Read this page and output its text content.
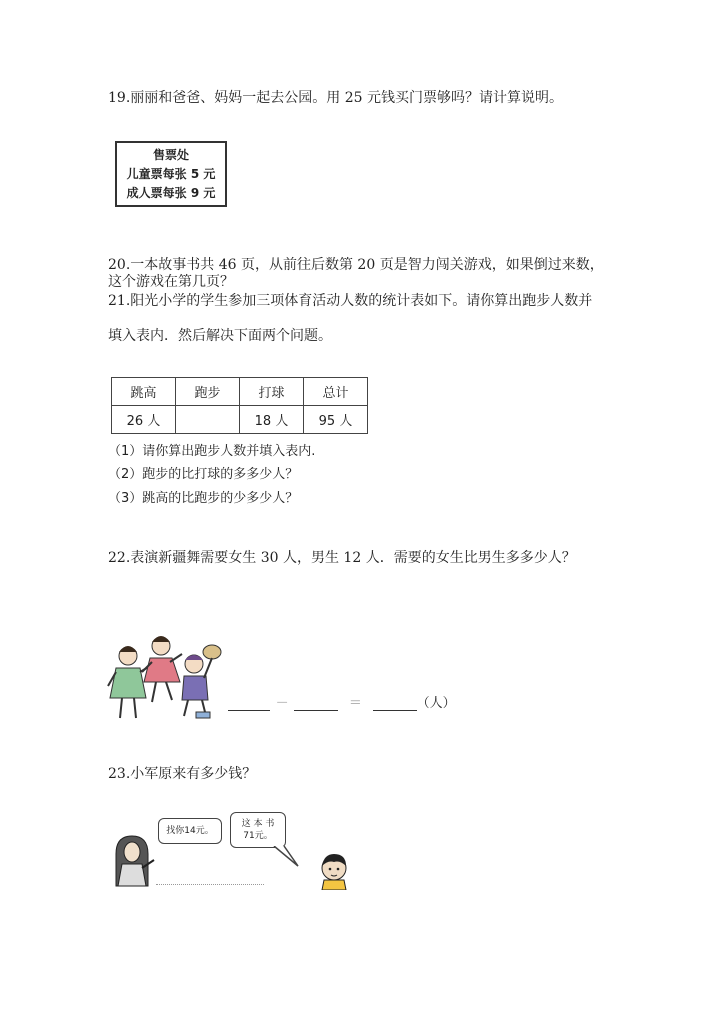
19.丽丽和爸爸、妈妈一起去公园。用 25 元钱买门票够吗？请计算说明。
售票处
儿童票每张 5 元
成人票每张 9 元
20.一本故事书共 46 页，从前往后数第 20 页是智力闯关游戏，如果倒过来数，
这个游戏在第几页？
21.阳光小学的学生参加三项体育活动人数的统计表如下。请你算出跑步人数并
填入表内．然后解决下面两个问题。
跳高	跑步	打球	总计
26 人		18 人	95 人
（1）请你算出跑步人数并填入表内.
（2）跑步的比打球的多多少人？
（3）跳高的比跑步的少多少人？
22.表演新疆舞需要女生 30 人，男生 12 人．需要的女生比男生多多少人？
－	＝	（人）
23.小军原来有多少钱？
找你14元。
这 本 书
71元。
